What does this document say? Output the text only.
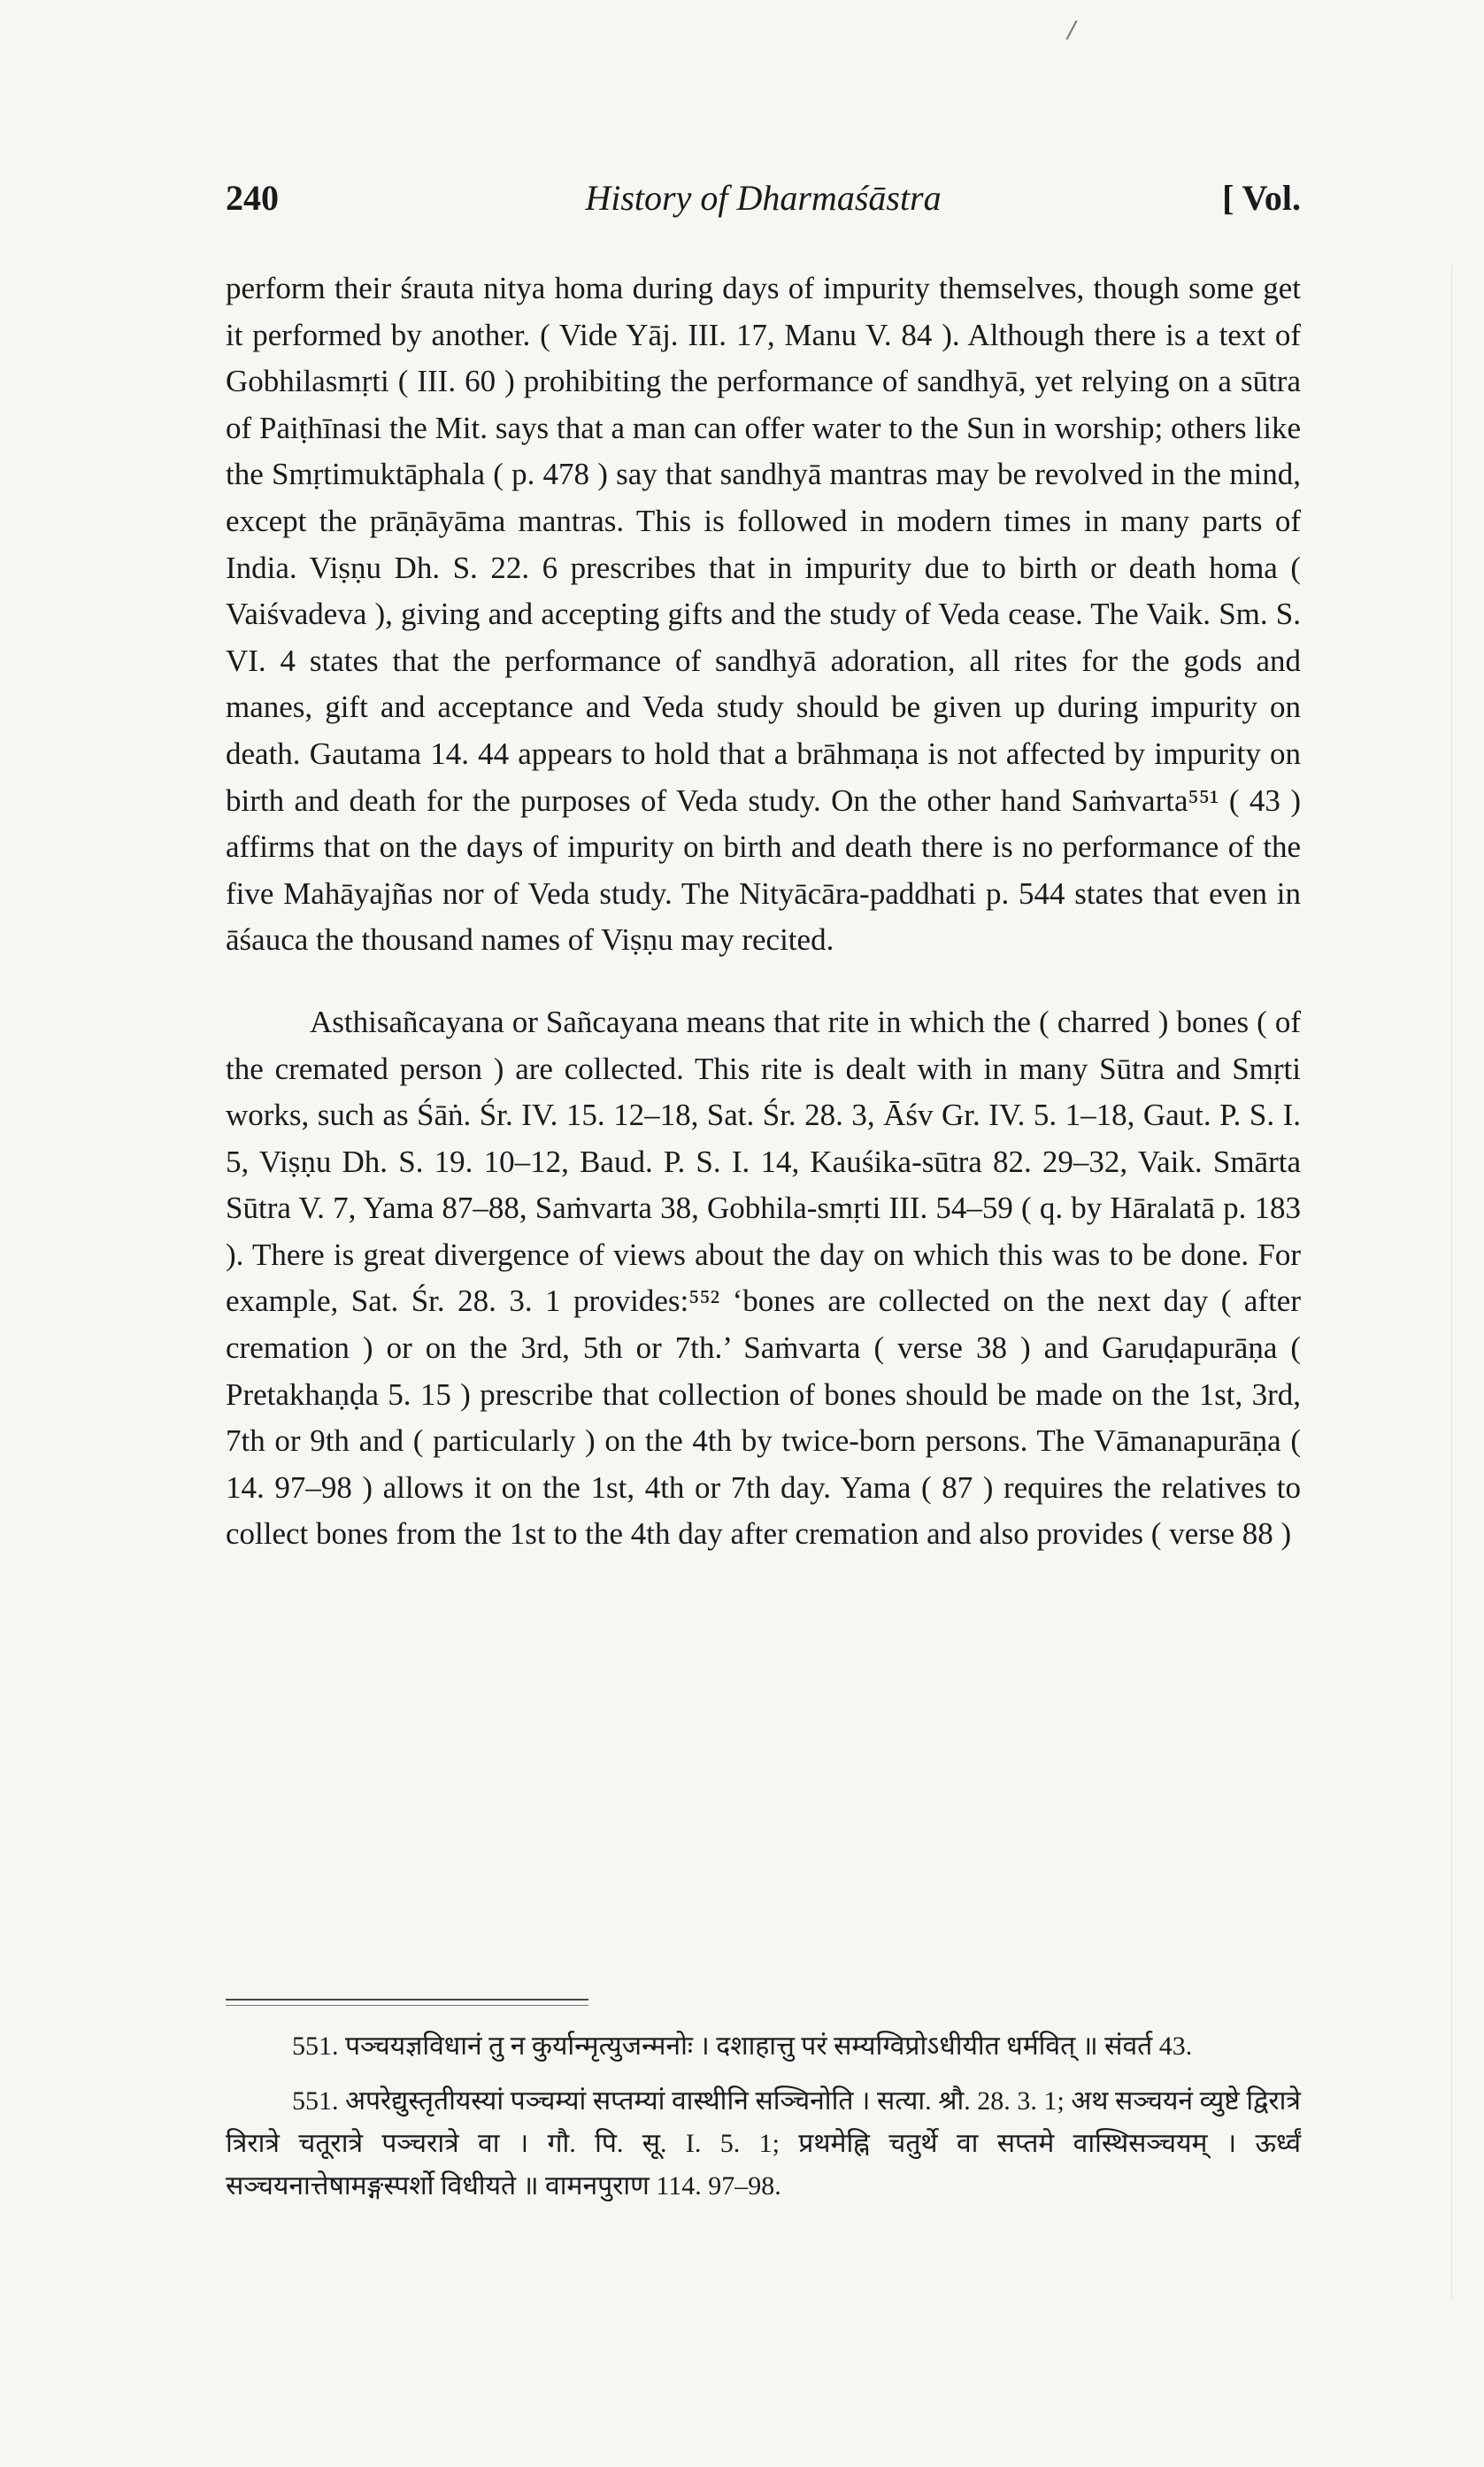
240	History of Dharmaśāstra	[ Vol.

perform their śrauta nitya homa during days of impurity themselves, though some get it performed by another. ( Vide Yāj. III. 17, Manu V. 84 ). Although there is a text of Gobhilasmṛti ( III. 60 ) prohibiting the performance of sandhyā, yet relying on a sūtra of Paiṭhīnasi the Mit. says that a man can offer water to the Sun in worship; others like the Smṛtimuktāphala ( p. 478 ) say that sandhyā mantras may be revolved in the mind, except the prāṇāyāma mantras. This is followed in modern times in many parts of India. Viṣṇu Dh. S. 22. 6 prescribes that in impurity due to birth or death homa ( Vaiśvadeva ), giving and accepting gifts and the study of Veda cease. The Vaik. Sm. S. VI. 4 states that the performance of sandhyā adoration, all rites for the gods and manes, gift and acceptance and Veda study should be given up during impurity on death. Gautama 14. 44 appears to hold that a brāhmaṇa is not affected by impurity on birth and death for the purposes of Veda study. On the other hand Saṁvarta⁵⁵¹ ( 43 ) affirms that on the days of impurity on birth and death there is no performance of the five Mahāyajñas nor of Veda study. The Nityācāra-paddhati p. 544 states that even in āśauca the thousand names of Viṣṇu may recited.

Asthisañcayana or Sañcayana means that rite in which the ( charred ) bones ( of the cremated person ) are collected. This rite is dealt with in many Sūtra and Smṛti works, such as Śāṅ. Śr. IV. 15. 12–18, Sat. Śr. 28. 3, Āśv Gr. IV. 5. 1–18, Gaut. P. S. I. 5, Viṣṇu Dh. S. 19. 10–12, Baud. P. S. I. 14, Kauśika-sūtra 82. 29–32, Vaik. Smārta Sūtra V. 7, Yama 87–88, Saṁvarta 38, Gobhila-smṛti III. 54–59 ( q. by Hāralatā p. 183 ). There is great divergence of views about the day on which this was to be done. For example, Sat. Śr. 28. 3. 1 provides:⁵⁵² ‘bones are collected on the next day ( after cremation ) or on the 3rd, 5th or 7th.’ Saṁvarta ( verse 38 ) and Garuḍapurāṇa ( Pretakhaṇḍa 5. 15 ) prescribe that collection of bones should be made on the 1st, 3rd, 7th or 9th and ( particularly ) on the 4th by twice-born persons. The Vāmanapurāṇa ( 14. 97–98 ) allows it on the 1st, 4th or 7th day. Yama ( 87 ) requires the relatives to collect bones from the 1st to the 4th day after cremation and also provides ( verse 88 )

551. पञ्चयज्ञविधानं तु न कुर्यान्मृत्युजन्मनोः । दशाहात्तु परं सम्यग्विप्रोऽधीयीत धर्मवित् ॥ संवर्त 43.

551. अपरेद्युस्तृतीयस्यां पञ्चम्यां सप्तम्यां वास्थीनि सञ्चिनोति । सत्या. श्रौ. 28. 3. 1; अथ सञ्चयनं व्युष्टे द्विरात्रे त्रिरात्रे चतूरात्रे पञ्चरात्रे वा । गौ. पि. सू. I. 5. 1; प्रथमेह्नि चतुर्थे वा सप्तमे वास्थिसञ्चयम् । ऊर्ध्वं सञ्चयनात्तेषामङ्गस्पर्शो विधीयते ॥ वामनपुराण 114. 97–98.
